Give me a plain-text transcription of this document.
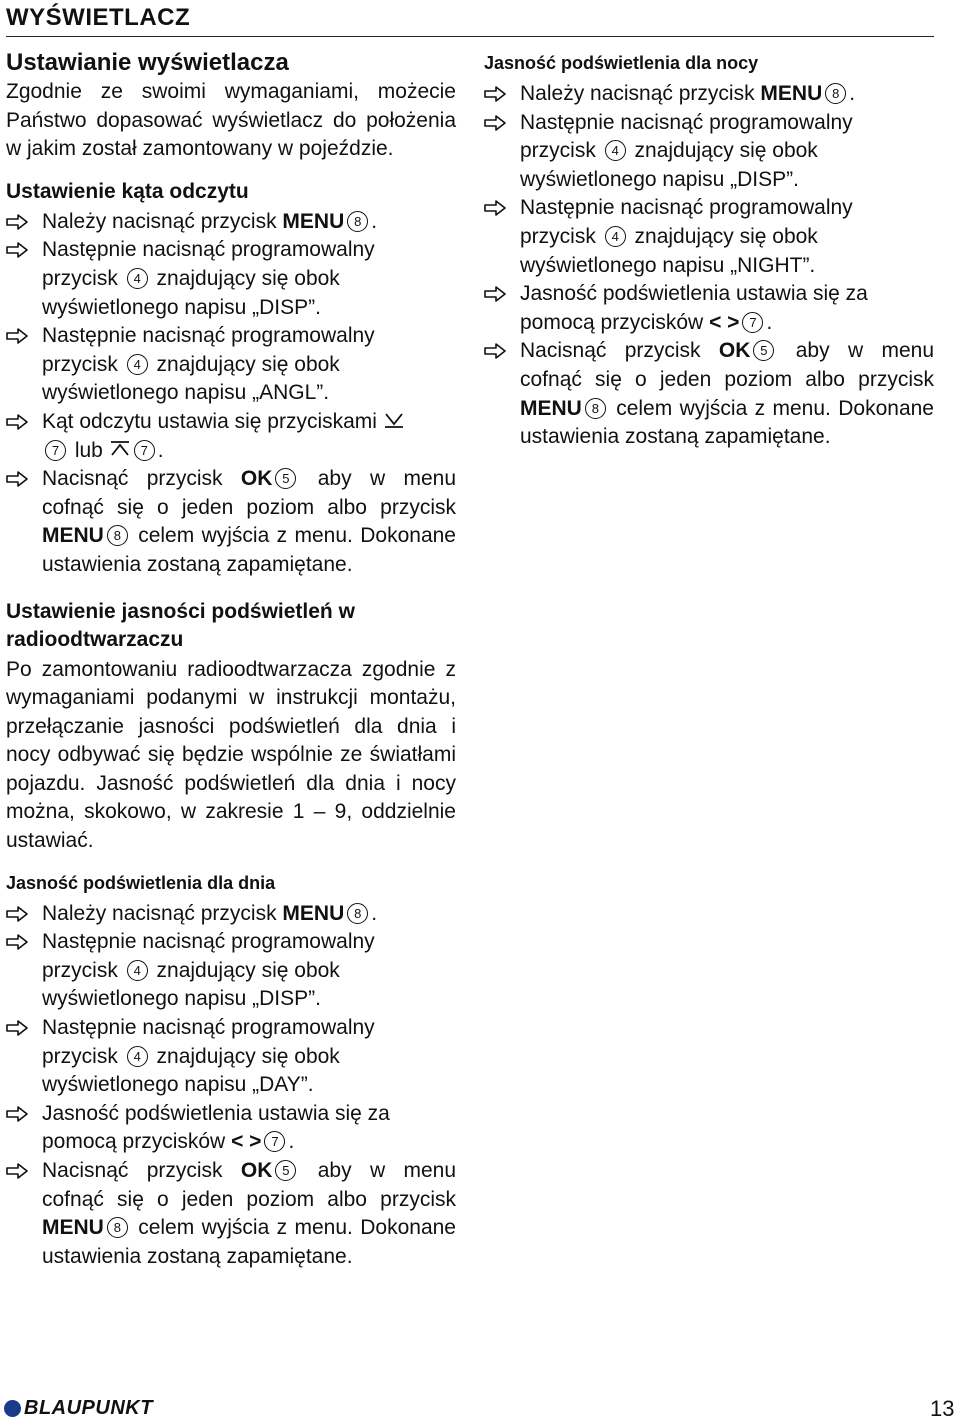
WYŚWIETLACZ
Ustawianie wyświetlacza

Zgodnie ze swoimi wymaganiami, możecie Państwo dopasować wyświetlacz do położenia w jakim został zamontowany w pojeździe.

Ustawienie kąta odczytu
Należy nacisnąć przycisk MENU 8 .
Następnie nacisnąć programowalny przycisk 4 znajdujący się obok wyświetlonego napisu „DISP”.
Następnie nacisnąć programowalny przycisk 4 znajdujący się obok wyświetlonego napisu „ANGL”.
Kąt odczytu ustawia się przyciskami
7 lub 7 .
Nacisnąć przycisk OK 5 aby w menu cofnąć się o jeden poziom albo przycisk MENU 8 celem wyjścia z menu. Dokonane ustawienia zostaną zapamiętane.
Ustawienie jasności podświetleń w radioodtwarzaczu

Po zamontowaniu radioodtwarzacza zgodnie z wymaganiami podanymi w instrukcji montażu, przełączanie jasności podświetleń dla dnia i nocy odbywać się będzie wspólnie ze światłami pojazdu. Jasność podświetleń dla dnia i nocy można, skokowo, w zakresie 1 – 9, oddzielnie ustawiać.

Jasność podświetlenia dla dnia
Należy nacisnąć przycisk MENU 8 .
Następnie nacisnąć programowalny przycisk 4 znajdujący się obok wyświetlonego napisu „DISP”.
Następnie nacisnąć programowalny przycisk 4 znajdujący się obok wyświetlonego napisu „DAY”.
Jasność podświetlenia ustawia się za pomocą przycisków < > 7 .
Nacisnąć przycisk OK 5 aby w menu cofnąć się o jeden poziom albo przycisk MENU 8 celem wyjścia z menu. Dokonane ustawienia zostaną zapamiętane.
Jasność podświetlenia dla nocy
Należy nacisnąć przycisk MENU 8 .
Następnie nacisnąć programowalny przycisk 4 znajdujący się obok wyświetlonego napisu „DISP”.
Następnie nacisnąć programowalny przycisk 4 znajdujący się obok wyświetlonego napisu „NIGHT”.
Jasność podświetlenia ustawia się za pomocą przycisków < > 7 .
Nacisnąć przycisk OK 5 aby w menu cofnąć się o jeden poziom albo przycisk MENU 8 celem wyjścia z menu. Dokonane ustawienia zostaną zapamiętane.
BLAUPUNKT	13
